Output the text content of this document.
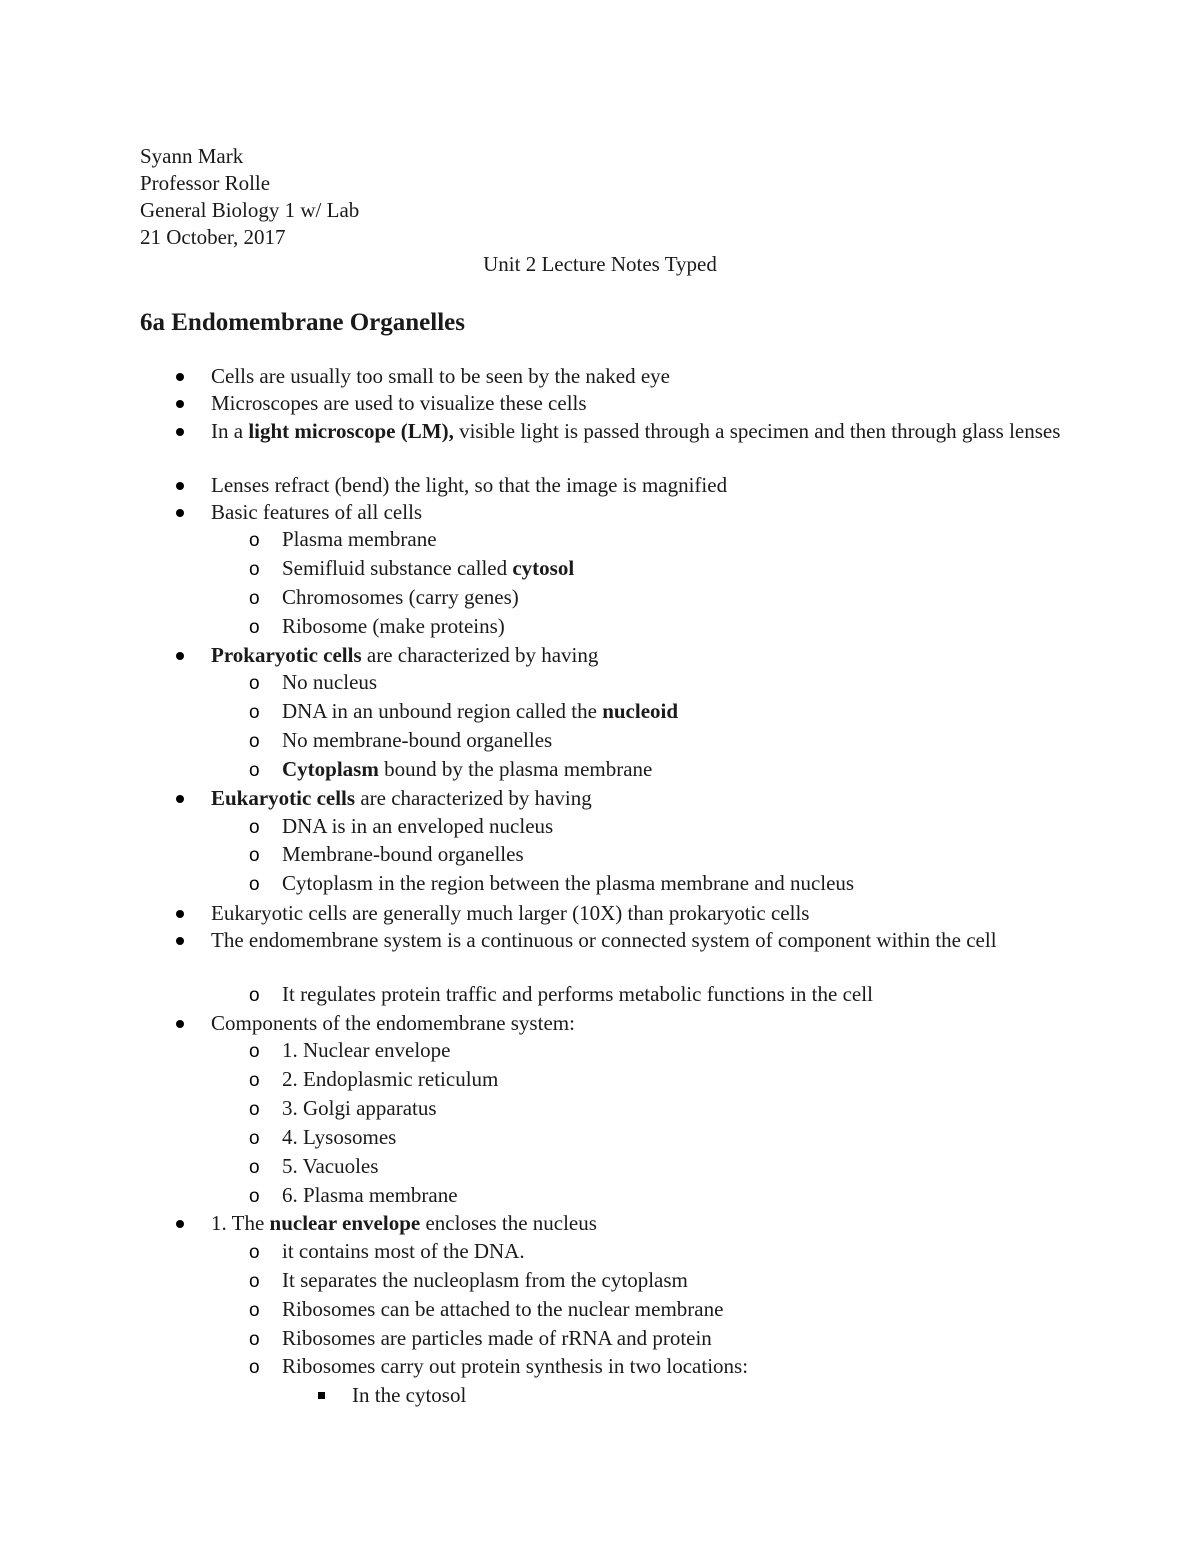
Syann Mark
Professor Rolle
General Biology 1 w/ Lab
21 October, 2017
Unit 2 Lecture Notes Typed
6a Endomembrane Organelles
Cells are usually too small to be seen by the naked eye
Microscopes are used to visualize these cells
In a light microscope (LM), visible light is passed through a specimen and then through glass lenses
Lenses refract (bend) the light, so that the image is magnified
Basic features of all cells
o Plasma membrane
o Semifluid substance called cytosol
o Chromosomes (carry genes)
o Ribosome (make proteins)
Prokaryotic cells are characterized by having
o No nucleus
o DNA in an unbound region called the nucleoid
o No membrane-bound organelles
o Cytoplasm bound by the plasma membrane
Eukaryotic cells are characterized by having
o DNA is in an enveloped nucleus
o Membrane-bound organelles
o Cytoplasm in the region between the plasma membrane and nucleus
Eukaryotic cells are generally much larger (10X) than prokaryotic cells
The endomembrane system is a continuous or connected system of component within the cell
o It regulates protein traffic and performs metabolic functions in the cell
Components of the endomembrane system:
o 1. Nuclear envelope
o 2. Endoplasmic reticulum
o 3. Golgi apparatus
o 4. Lysosomes
o 5. Vacuoles
o 6. Plasma membrane
1. The nuclear envelope encloses the nucleus
o it contains most of the DNA.
o It separates the nucleoplasm from the cytoplasm
o Ribosomes can be attached to the nuclear membrane
o Ribosomes are particles made of rRNA and protein
o Ribosomes carry out protein synthesis in two locations:
In the cytosol
